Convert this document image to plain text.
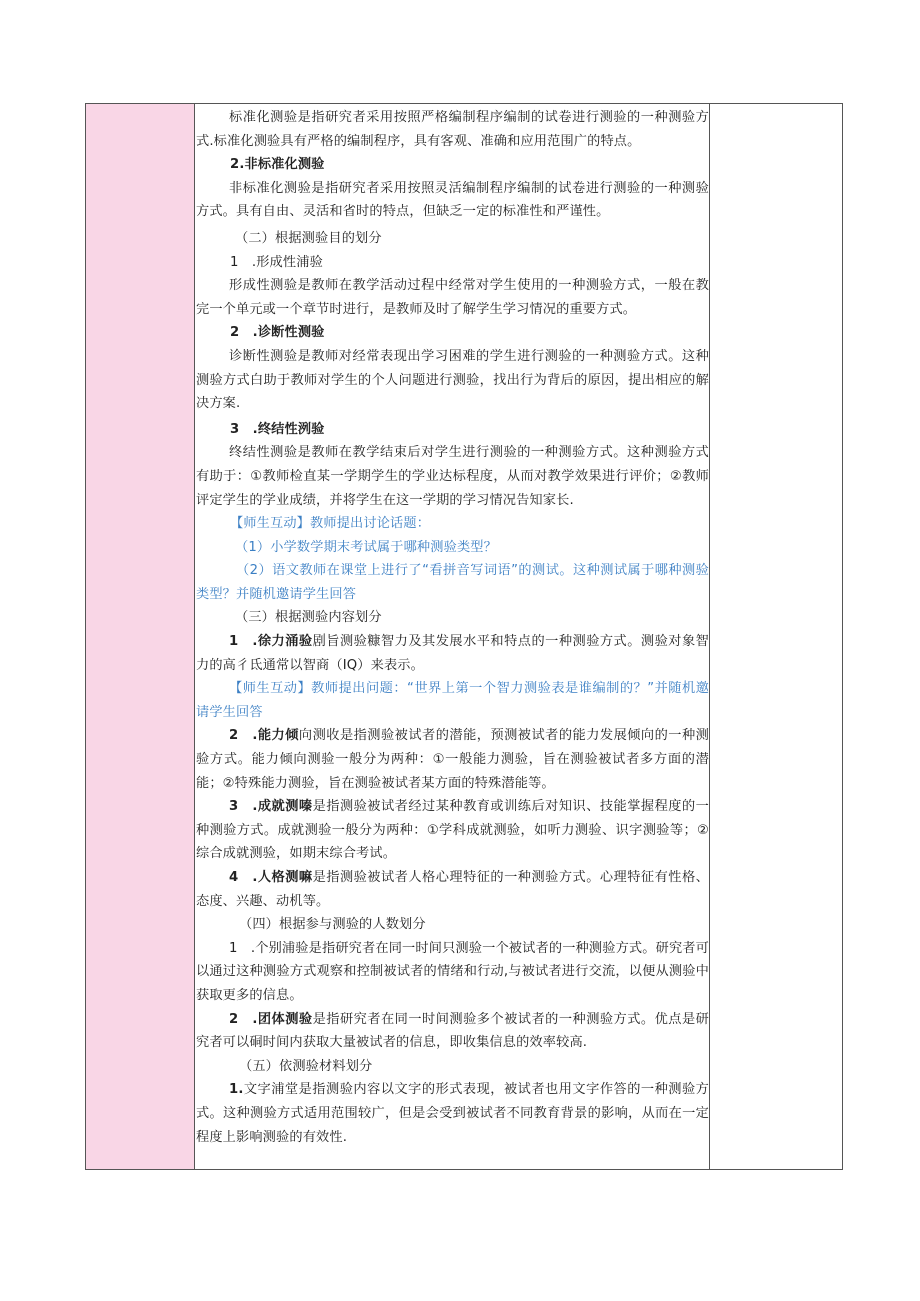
标准化测验是指研究者采用按照严格编制程序编制的试卷进行测验的一种测验方式.标准化测验具有严格的编制程序，具有客观、准确和应用范围广的特点。

2.非标准化测验

非标准化测验是指研究者采用按照灵活编制程序编制的试卷进行测验的一种测验方式。具有自由、灵活和省时的特点，但缺乏一定的标准性和严谨性。

（二）根据测验目的划分

1　.形成性浦验

形成性测验是教师在教学活动过程中经常对学生使用的一种测验方式，一般在教完一个单元或一个章节时进行，是教师及时了解学生学习情况的重要方式。

2　.诊断性测验

诊断性测验是教师对经常表现出学习困难的学生进行测验的一种测验方式。这种测验方式白助于教师对学生的个人问题进行测验，找出行为背后的原因，提出相应的解决方案.

3　.终结性洌验

终结性测验是教师在教学结束后对学生进行测验的一种测验方式。这种测验方式有助于：①教师检直某一学期学生的学业达标程度，从而对教学效果进行评价；②教师评定学生的学业成绩，并将学生在这一学期的学习情况告知家长.

【师生互动】教师提出讨论话题：

（1）小学数学期末考试属于哪种测验类型？

（2）语文教师在课堂上进行了“看拼音写词语”的测试。这种测试属于哪种测验类型？并随机邀请学生回答

（三）根据测验内容划分

1　.徐力涌验剧旨测验糠智力及其发展水平和特点的一种测验方式。测验对象智力的高彳氐通常以智商（IQ）来表示。

【师生互动】教师提出问题：“世界上第一个智力测验表是谁编制的？”并随机邀请学生回答

2　.能力倾向测收是指测验被试者的潜能，预测被试者的能力发展倾向的一种测验方式。能力倾向测验一般分为两种：①一般能力测验，旨在测验被试者多方面的潜能；②特殊能力测验，旨在测验被试者某方面的特殊潜能等。

3　.成就测嗪是指测验被试者经过某种教育或训练后对知识、技能掌握程度的一种测验方式。成就测验一般分为两种：①学科成就测验，如听力测验、识字测验等；②综合成就测验，如期末综合考试。

4　.人格测嘛是指测验被试者人格心理特征的一种测验方式。心理特征有性格、态度、兴趣、动机等。

（四）根据参与测验的人数划分

1　.个别浦验是指研究者在同一时间只测验一个被试者的一种测验方式。研究者可以通过这种测验方式观察和控制被试者的情绪和行动,与被试者进行交流，以便从测验中获取更多的信息。

2　.团体测验是指研究者在同一时间测验多个被试者的一种测验方式。优点是研究者可以硐时间内获取大量被试者的信息，即收集信息的效率较高.

（五）依测验材料划分

1.文字浦堂是指测验内容以文字的形式表现，被试者也用文字作答的一种测验方式。这种测验方式适用范围较广，但是会受到被试者不同教育背景的影响，从而在一定程度上影响测验的有效性.
